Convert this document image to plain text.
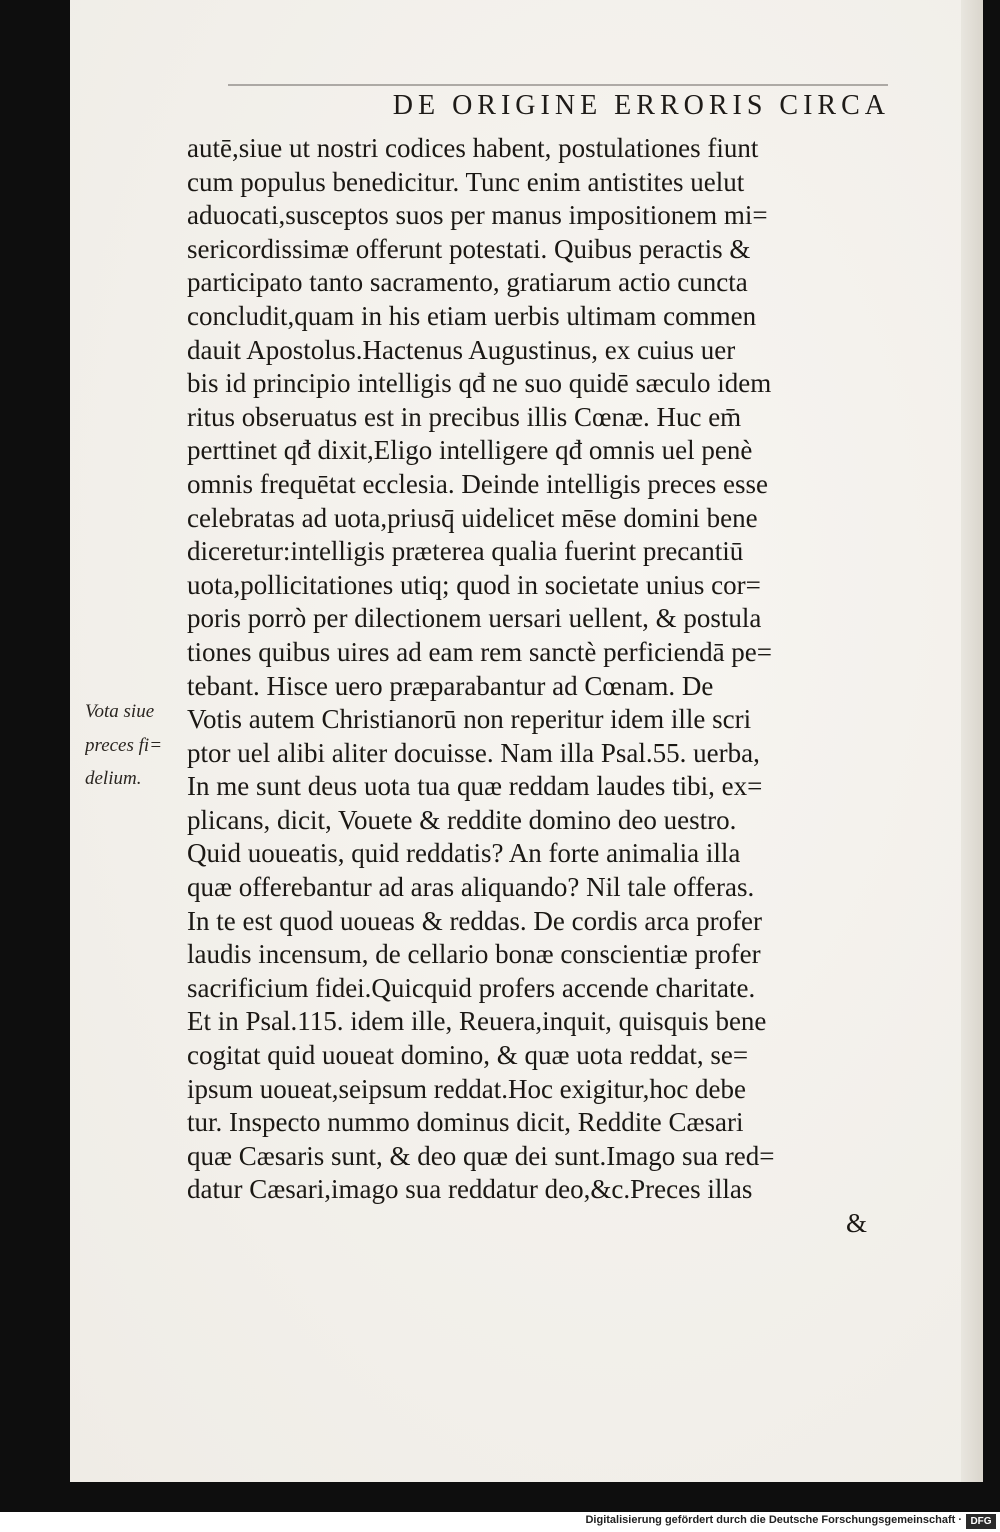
DE ORIGINE ERRORIS CIRCA
autē,siue ut nostri codices habent, postulationes fiunt
cum populus benedicitur. Tunc enim antistites uelut
aduocati,susceptos suos per manus impositionem mi=
sericordissimæ offerunt potestati. Quibus peractis &
participato tanto sacramento, gratiarum actio cuncta
concludit,quam in his etiam uerbis ultimam commen
dauit Apostolus.Hactenus Augustinus, ex cuius uer
bis id principio intelligis qđ ne suo quidē sæculo idem
ritus obseruatus est in precibus illis Cœnæ. Huc em̄
perttinet qđ dixit,Eligo intelligere qđ omnis uel penè
omnis frequētat ecclesia. Deinde intelligis preces esse
celebratas ad uota,priusq̄ uidelicet mēse domini bene
diceretur:intelligis præterea qualia fuerint precantiū
uota,pollicitationes utiq; quod in societate unius cor=
poris porrò per dilectionem uersari uellent, & postula
tiones quibus uires ad eam rem sanctè perficiendā pe=
tebant. Hisce uero præparabantur ad Cœnam. De
Votis autem Christianorū non reperitur idem ille scri
ptor uel alibi aliter docuisse. Nam illa Psal.55. uerba,
In me sunt deus uota tua quæ reddam laudes tibi, ex=
plicans, dicit, Vouete & reddite domino deo uestro.
Quid uoueatis, quid reddatis? An forte animalia illa
quæ offerebantur ad aras aliquando? Nil tale offeras.
In te est quod uoueas & reddas. De cordis arca profer
laudis incensum, de cellario bonæ conscientiæ profer
sacrificium fidei.Quicquid profers accende charitate.
Et in Psal.115. idem ille, Reuera,inquit, quisquis bene
cogitat quid uoueat domino, & quæ uota reddat, se=
ipsum uoueat,seipsum reddat.Hoc exigitur,hoc debe
tur. Inspecto nummo dominus dicit, Reddite Cæsari
quæ Cæsaris sunt, & deo quæ dei sunt.Imago sua red=
datur Cæsari,imago sua reddatur deo,&c.Preces illas
&
Vota siue
preces fi=
delium.
Digitalisierung gefördert durch die Deutsche Forschungsgemeinschaft · DFG
